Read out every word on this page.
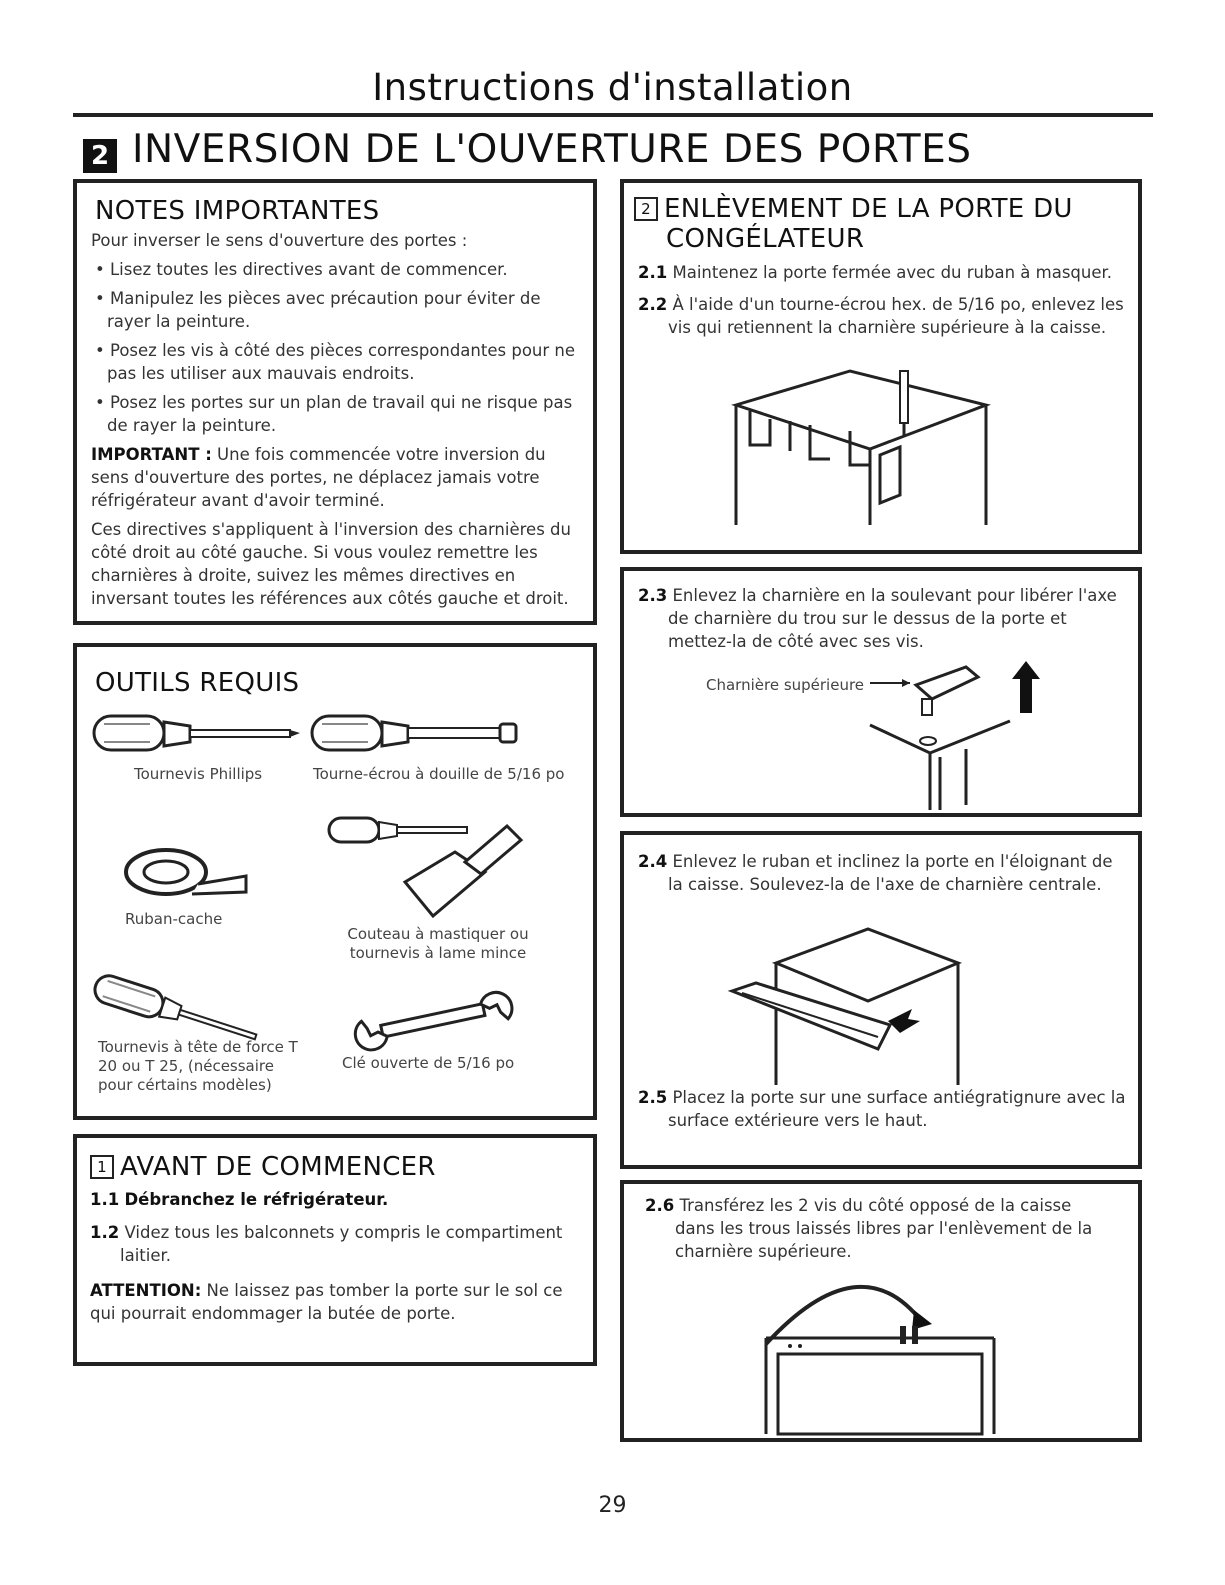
Instructions d'installation
2 INVERSION DE L'OUVERTURE DES PORTES
NOTES IMPORTANTES
Pour inverser le sens d'ouverture des portes :
• Lisez toutes les directives avant de commencer.
• Manipulez les pièces avec précaution pour éviter de rayer la peinture.
• Posez les vis à côté des pièces correspondantes pour ne pas les utiliser aux mauvais endroits.
• Posez les portes sur un plan de travail qui ne risque pas de rayer la peinture.
IMPORTANT : Une fois commencée votre inversion du sens d'ouverture des portes, ne déplacez jamais votre réfrigérateur avant d'avoir terminé.
Ces directives s'appliquent à l'inversion des charnières du côté droit au côté gauche. Si vous voulez remettre les charnières à droite, suivez les mêmes directives en inversant toutes les références aux côtés gauche et droit.
OUTILS REQUIS
Tournevis Phillips	Tourne-écrou à douille de 5/16 po
Ruban-cache
Couteau à mastiquer ou tournevis à lame mince
Tournevis à tête de force T 20 ou T 25, (nécessaire pour cértains modèles)
Clé ouverte de 5/16 po
1 AVANT DE COMMENCER
1.1 Débranchez le réfrigérateur.
1.2 Videz tous les balconnets y compris le compartiment laitier.
ATTENTION: Ne laissez pas tomber la porte sur le sol ce qui pourrait endommager la butée de porte.
2 ENLÈVEMENT DE LA PORTE DU
CONGÉLATEUR
2.1 Maintenez la porte fermée avec du ruban à masquer.
2.2 À l'aide d'un tourne-écrou hex. de 5/16 po, enlevez les vis qui retiennent la charnière supérieure à la caisse.
2.3 Enlevez la charnière en la soulevant pour libérer l'axe de charnière du trou sur le dessus de la porte et mettez-la de côté avec ses vis.
Charnière supérieure
2.4 Enlevez le ruban et inclinez la porte en l'éloignant de la caisse. Soulevez-la de l'axe de charnière centrale.
2.5 Placez la porte sur une surface antiégratignure avec la surface extérieure vers le haut.
2.6 Transférez les 2 vis du côté opposé de la caisse dans les trous laissés libres par l'enlèvement de la charnière supérieure.
29
